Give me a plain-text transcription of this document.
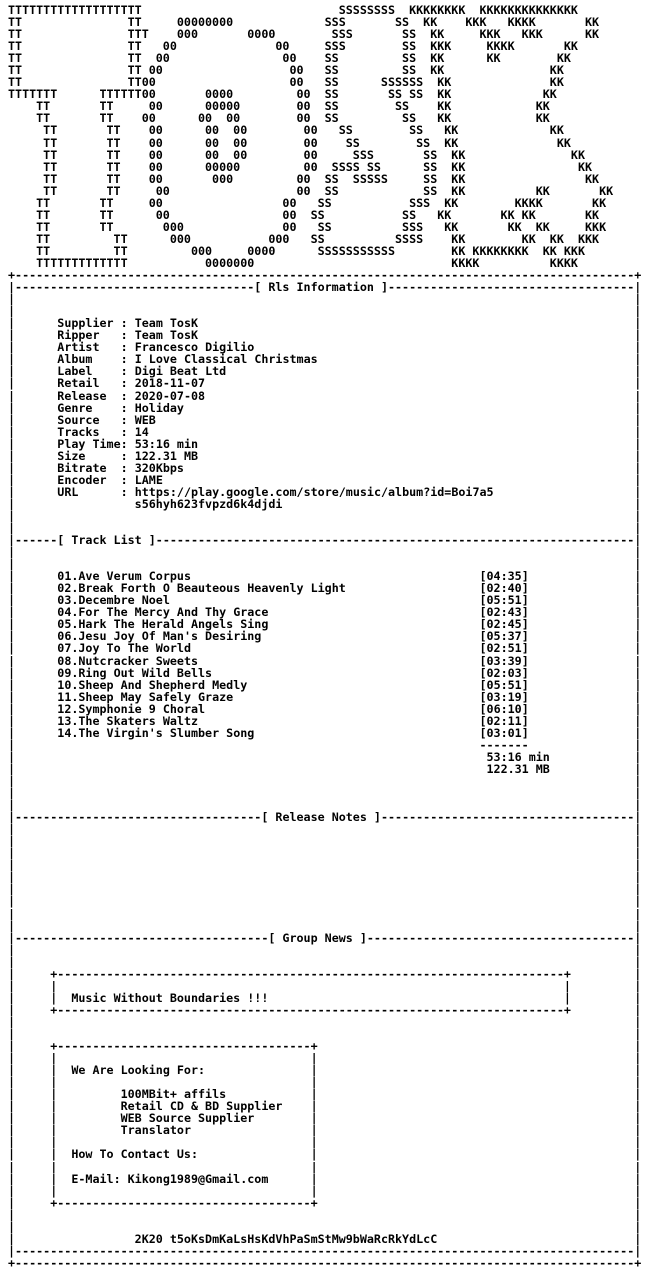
TTTTTTTTTTTTTTTTTTT                            SSSSSSSS  KKKKKKKK  KKKKKKKKKKKKKK
TT               TT     00000000             SSS       SS  KK    KKK   KKKK       KK
TT               TTT    000       0000        SSS       SS  KK     KKK   KKK      KK
TT               TT   00              00     SSS        SS  KKK     KKKK       KK
TT               TT  00                00    SS         SS  KK      KK        KK
TT               TT 00                  00   SS         SS  KK               KK
TT               TT00                   00   SS      SSSSSS  KK              KK
TTTTTTT      TTTTTT00       0000         00  SS       SS SS  KK             KK
TT       TT     00      00000        00  SS        SS    KK            KK
TT       TT    00      00  00        00  SS         SS   KK            KK
TT       TT    00      00  00        00   SS        SS   KK             KK
TT       TT    00      00  00        00    SS        SS  KK              KK
TT       TT    00      00  00        00     SSS       SS  KK               KK
TT       TT    00      00000         00  SSSS SS      SS  KK                KK
TT       TT    00       000         00  SS  SSSSS     SS  KK                 KK
TT       TT     00                  00  SS            SS  KK          KK       KK
TT       TT     00                 00   SS           SSS  KK        KKKK       KK
TT       TT      00                00  SS           SS   KK       KK KK       KK
TT       TT       000              00   SS          SSS   KK       KK  KK     KKK
TT         TT      000           000   SS          SSSS    KK        KK  KK  KKK
TT         TT         000     0000      SSSSSSSSSSS        KK KKKKKKKK  KK KKK
TTTTTTTTTTTTT           0000000                            KKKK          KKKK
+----------------------------------------------------------------------------------------+
|----------------------------------[ Rls Information ]-----------------------------------|
|                                                                                        |
|                                                                                        |
|	Supplier : Team TosK                                                              |
|	Ripper   : Team TosK                                                              |
|	Artist   : Francesco Digilio                                                      |
|	Album    : I Love Classical Christmas                                             |
|	Label    : Digi Beat Ltd                                                          |
|	Retail   : 2018-11-07                                                             |
|	Release  : 2020-07-08                                                             |
|	Genre    : Holiday                                                                |
|	Source   : WEB                                                                    |
|	Tracks   : 14                                                                     |
|	Play Time: 53:16 min                                                              |
|	Size     : 122.31 MB                                                              |
|	Bitrate  : 320Kbps                                                                |
|	Encoder  : LAME                                                                   |
|	URL      : https://play.google.com/store/music/album?id=Boi7a5                    |
|	s56hyh623fvpzd6k4djdi                                                  |
|                                                                                        |
|                                                                                        |
|------[ Track List ]--------------------------------------------------------------------|
|                                                                                        |
|                                                                                        |
|	01.Ave Verum Corpus	[04:35]               |
|	02.Break Forth O Beauteous Heavenly Light	[02:40]               |
|	03.Decembre Noel	[05:51]               |
|	04.For The Mercy And Thy Grace	[02:43]               |
|	05.Hark The Herald Angels Sing	[02:45]               |
|	06.Jesu Joy Of Man's Desiring	[05:37]               |
|	07.Joy To The World	[02:51]               |
|	08.Nutcracker Sweets	[03:39]               |
|	09.Ring Out Wild Bells	[02:03]               |
|	10.Sheep And Shepherd Medly	[05:51]               |
|	11.Sheep May Safely Graze	[03:19]               |
|	12.Symphonie 9 Choral	[06:10]               |
|	13.The Skaters Waltz	[02:11]               |
|	14.The Virgin's Slumber Song	[03:01]               |
|                                                                  -------               |
|	53:16 min            |
|	122.31 MB            |
|                                                                                        |
|                                                                                        |
|                                                                                        |
|-----------------------------------[ Release Notes ]------------------------------------|
|                                                                                        |
|                                                                                        |
|                                                                                        |
|                                                                                        |
|                                                                                        |
|                                                                                        |
|                                                                                        |
|                                                                                        |
|                                                                                        |
|------------------------------------[ Group News ]--------------------------------------|
|                                                                                        |
|                                                                                        |
|     +------------------------------------------------------------------------+         |
|     |                                                                        |         |
|     |  Music Without Boundaries !!!                                          |         |
|     +------------------------------------------------------------------------+         |
|                                                                                        |
|                                                                                        |
|     +------------------------------------+                                             |
|     |                                    |                                             |
|     |  We Are Looking For:               |                                             |
|     |                                    |                                             |
|     |         100MBit+ affils            |                                             |
|     |         Retail CD & BD Supplier    |                                             |
|     |         WEB Source Supplier        |                                             |
|     |         Translator                 |                                             |
|     |                                    |                                             |
|     |  How To Contact Us:                |                                             |
|     |                                    |                                             |
|     |  E-Mail: Kikong1989@Gmail.com      |                                             |
|     |                                    |                                             |
|     +------------------------------------+                                             |
|                                                                                        |
|                                                                                        |
|	2K20 t5oKsDmKaLsHsKdVhPaSmStMw9bWaRcRkYdLcC                            |
|----------------------------------------------------------------------------------------|
+----------------------------------------------------------------------------------------+
